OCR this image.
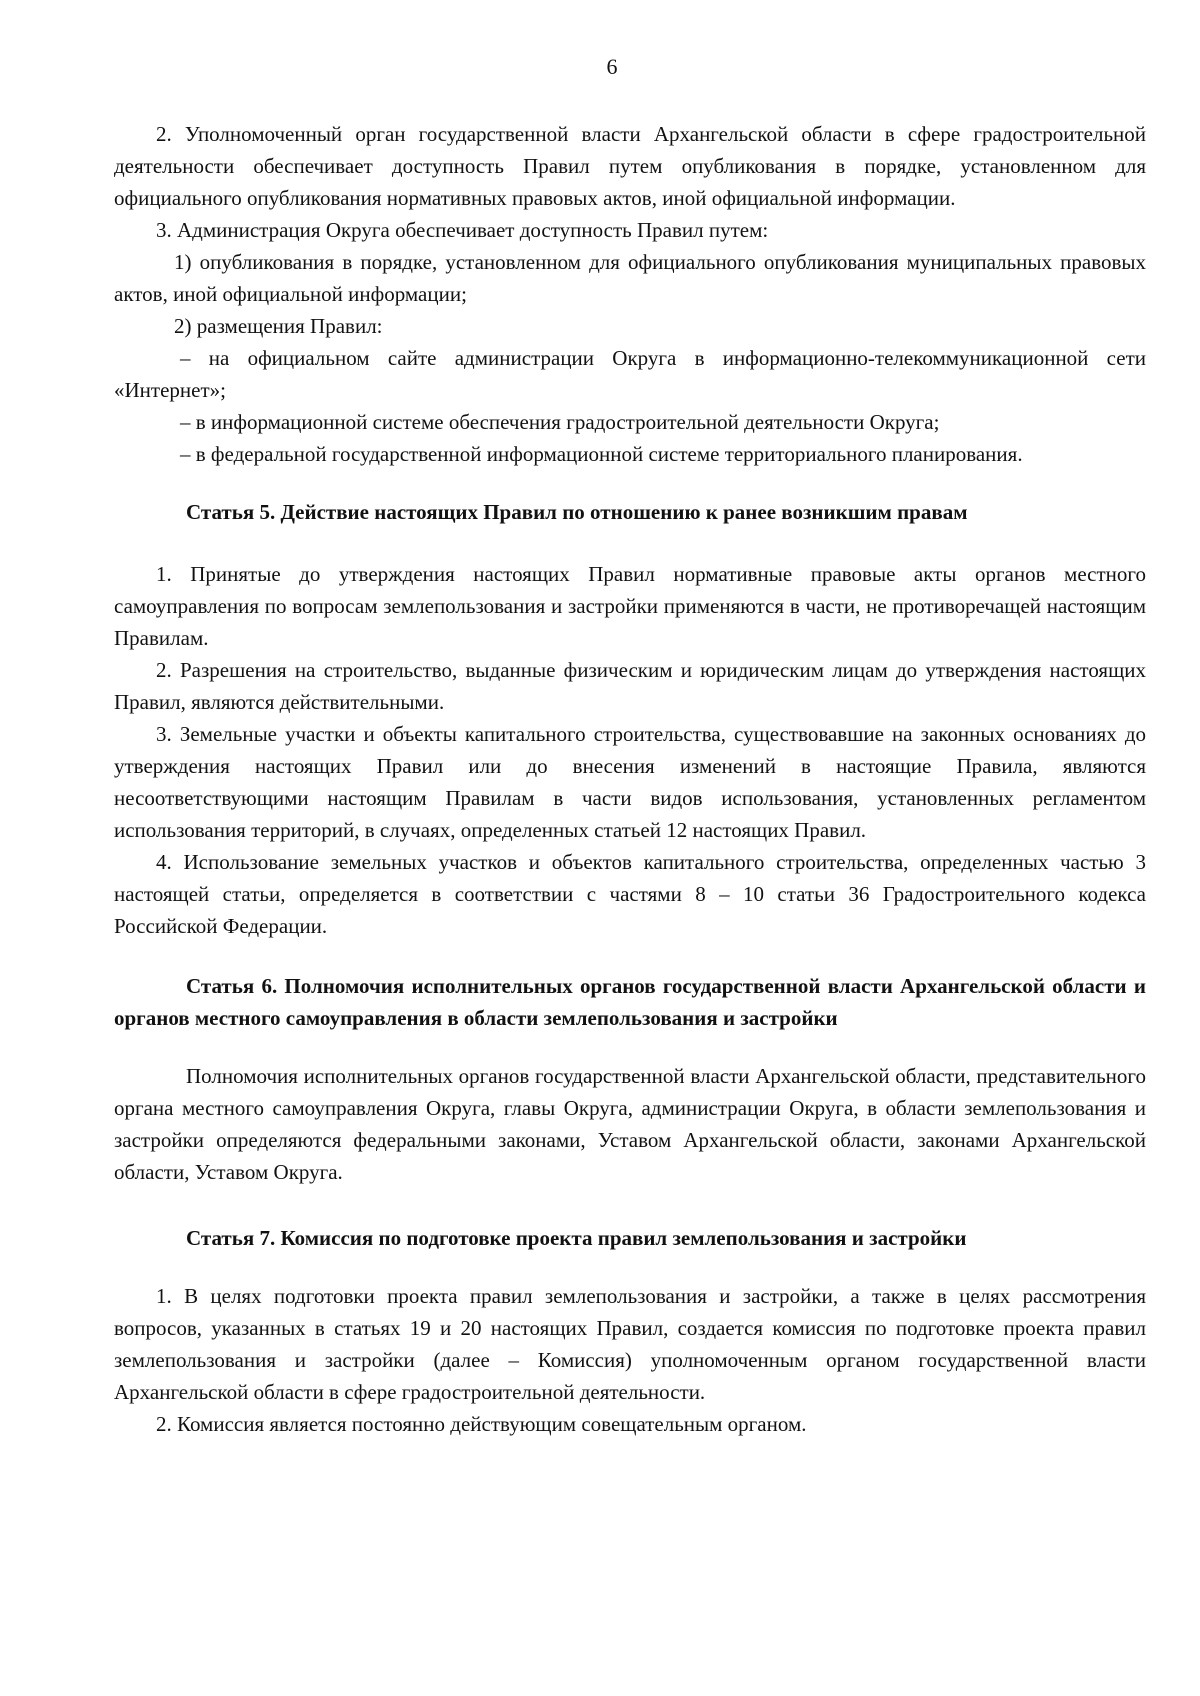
6

2. Уполномоченный орган государственной власти Архангельской области в сфере градостроительной деятельности обеспечивает доступность Правил путем опубликования в порядке, установленном для официального опубликования нормативных правовых актов, иной официальной информации.

3. Администрация Округа обеспечивает доступность Правил путем:

1) опубликования в порядке, установленном для официального опубликования муниципальных правовых актов, иной официальной информации;

2) размещения Правил:

– на официальном сайте администрации Округа в информационно-телекоммуникационной сети «Интернет»;

– в информационной системе обеспечения градостроительной деятельности Округа;

– в федеральной государственной информационной системе территориального планирования.

Статья 5. Действие настоящих Правил по отношению к ранее возникшим правам

1. Принятые до утверждения настоящих Правил нормативные правовые акты органов местного самоуправления по вопросам землепользования и застройки применяются в части, не противоречащей настоящим Правилам.

2. Разрешения на строительство, выданные физическим и юридическим лицам до утверждения настоящих Правил, являются действительными.

3. Земельные участки и объекты капитального строительства, существовавшие на законных основаниях до утверждения настоящих Правил или до внесения изменений в настоящие Правила, являются несоответствующими настоящим Правилам в части видов использования, установленных регламентом использования территорий, в случаях, определенных статьей 12 настоящих Правил.

4. Использование земельных участков и объектов капитального строительства, определенных частью 3 настоящей статьи, определяется в соответствии с частями 8 – 10 статьи 36 Градостроительного кодекса Российской Федерации.

Статья 6. Полномочия исполнительных органов государственной власти Архангельской области и органов местного самоуправления в области землепользования и застройки

Полномочия исполнительных органов государственной власти Архангельской области, представительного органа местного самоуправления Округа, главы Округа, администрации Округа, в области землепользования и застройки определяются федеральными законами, Уставом Архангельской области, законами Архангельской области, Уставом Округа.

Статья 7. Комиссия по подготовке проекта правил землепользования и застройки

1. В целях подготовки проекта правил землепользования и застройки, а также в целях рассмотрения вопросов, указанных в статьях 19 и 20 настоящих Правил, создается комиссия по подготовке проекта правил землепользования и застройки (далее – Комиссия) уполномоченным органом государственной власти Архангельской области в сфере градостроительной деятельности.

2. Комиссия является постоянно действующим совещательным органом.
